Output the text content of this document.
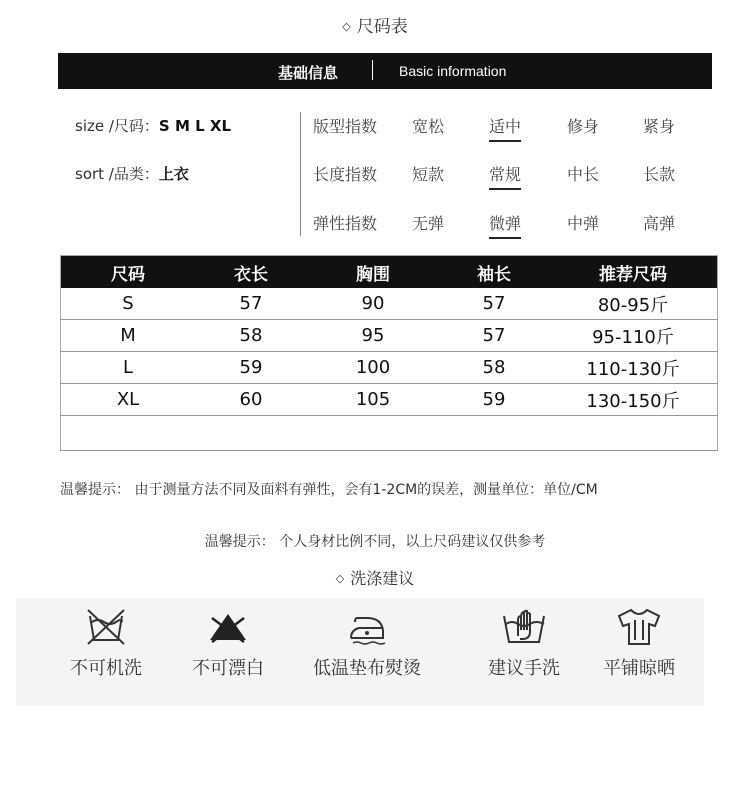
◇ 尺码表
基础信息	Basic information
size /尺码：S M L XL
sort /品类：上衣
版型指数 宽松	适中	修身	紧身
长度指数 短款	常规	中长	长款
弹性指数 无弹	微弹	中弹	高弹
尺码	衣长	胸围	袖长	推荐尺码
S	57	90	57	80-95斤
M	58	95	57	95-110斤
L	59	100	58	110-130斤
XL	60	105	59	130-150斤

温馨提示： 由于测量方法不同及面料有弹性，会有1-2CM的误差，测量单位：单位/CM
温馨提示： 个人身材比例不同，以上尺码建议仅供参考
◇ 洗涤建议
不可机洗	不可漂白	低温垫布熨烫	建议手洗	平铺晾晒
